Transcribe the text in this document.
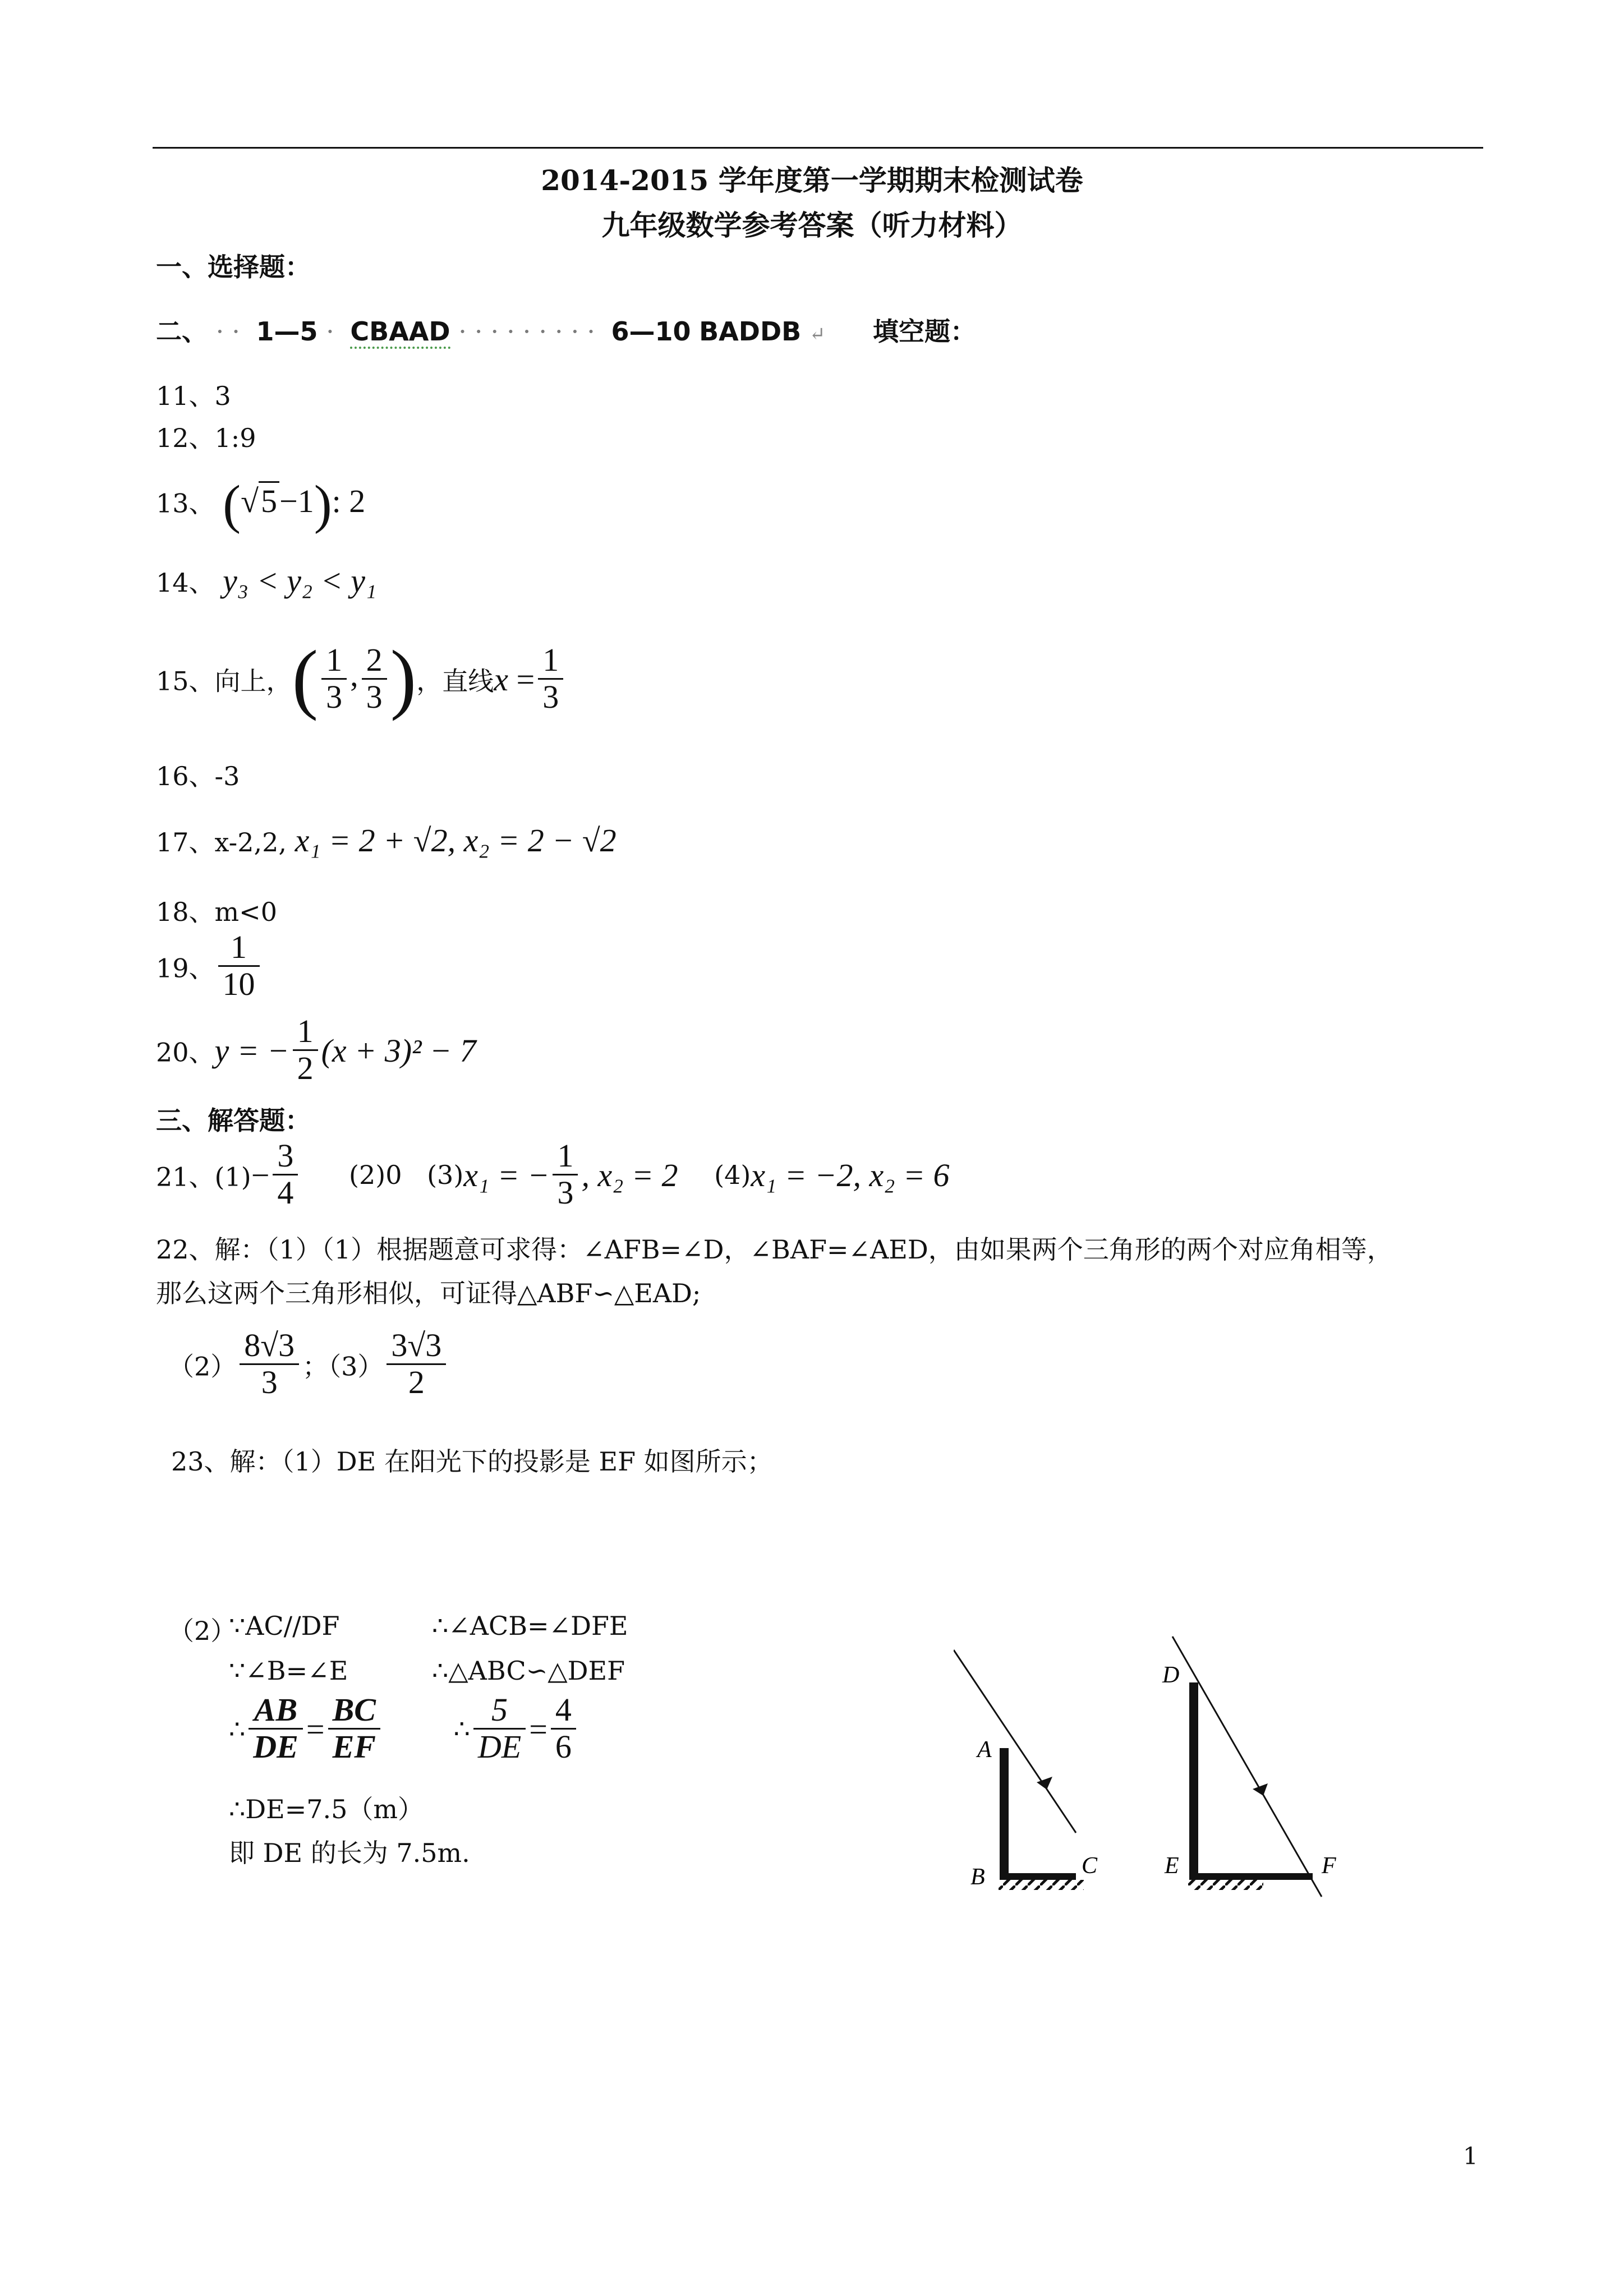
2014-2015 学年度第一学期期末检测试卷
九年级数学参考答案（听力材料）
一、选择题：
二、 ·· 1—5 · CBAAD ········· 6—10 BADDB ↵ 填空题：
11、3
12、1:9
13、 (√5−1): 2
14、 y₃ < y₂ < y₁
15、向上，( $\frac{1}{3}$ , $\frac{2}{3}$ )，直线$x = \frac{1}{3}$
16、-3
17、x-2,2, x₁ = 2 + √2, x₂ = 2 − √2
18、m<0
19、 $\frac{1}{10}$
20、y = − $\frac{1}{2} (x + 3)^2 - 7$
三、解答题：
21、$(1)- \frac{3}{4} (2)0$ (3)x₁ = − $\frac{1}{3}$ , x₂ = 2 (4)x₁ = −2, x₂ = 6
22、解：（1）（1）根据题意可求得：∠AFB=∠D，∠BAF=∠AED，由如果两个三角形的两个对应角相等，
那么这两个三角形相似，可证得△ABF∽△EAD;
$(2) \frac{8√3}{3}$ ；$(3) \frac{3√3}{2}$
23、解：（1）DE 在阳光下的投影是 EF 如图所示；
（2）
∵AC//DF	∴∠ACB=∠DFE
∵∠B=∠E	∴△ABC∽△DEF
∴ $\frac{AB}{DE} = \frac{BC}{EF}$	∴ $\frac{5}{DE} = \frac{4}{6}$
∴DE=7.5（m）
即 DE 的长为 7.5m.
A
B	C
D
E	F
1
